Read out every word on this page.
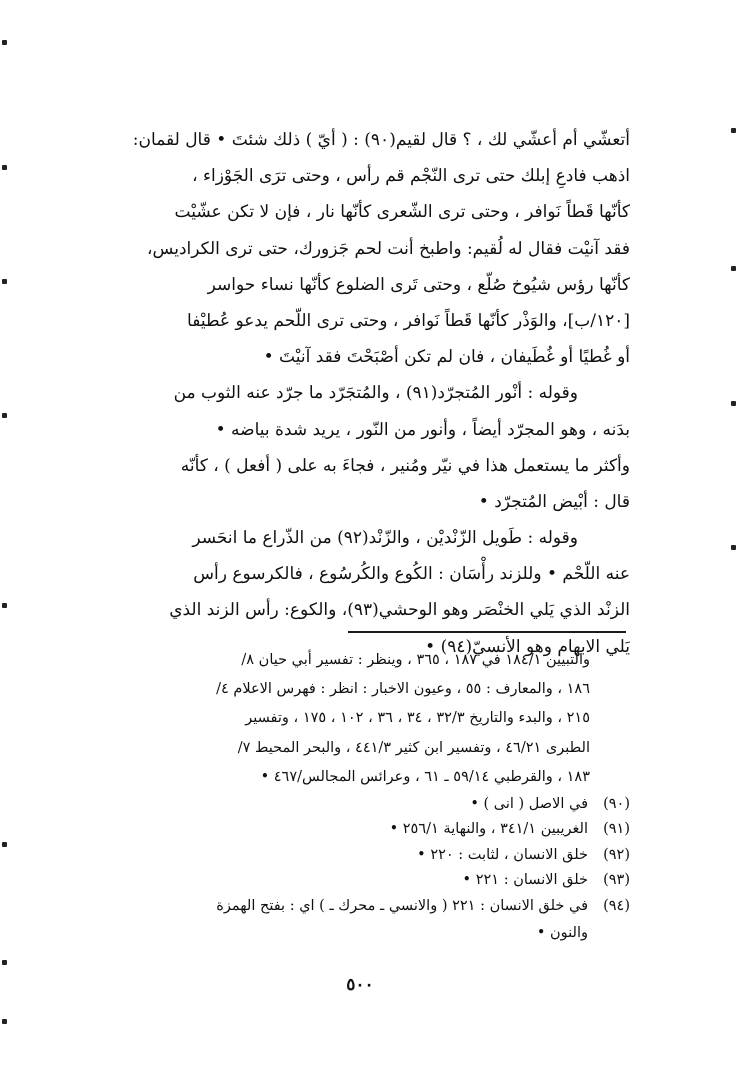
أتعشّي أم أعشّي لك ، ؟ قال لقيم(٩٠) : ( أيّ ) ذلك شئتَ • قال لقمان:
اذهب فادعِ إبلك حتى ترى النّجْم قم رأس ، وحتى ترَى الجَوْزاء ،
كأنّها قَطاً نَوافر ، وحتى ترى الشّعرى كأنّها نار ، فإن لا تكن عشّيْت
فقد آنيْت فقال له لُقيم: واطبخ أنت لحم جَزورك، حتى ترى الكراديس،
كأنّها رؤس شيُوخ صُلّع ، وحتى تَرى الضلوع كأنّها نساء حواسر
[١٢٠/ب]، والوَذْر كأنّها قَطاً نَوافر ، وحتى ترى اللّحم يدعو عُطيْفا
أو غُطيًا أو غُطَيفان ، فان لم تكن أصْبَحْتَ فقد آنيْتَ •
وقوله : أنْور المُتجرّد(٩١) ، والمُتجَرّد ما جرّد عنه الثوب من
بدَنه ، وهو المجرّد أيضاً ، وأنور من النّور ، يريد شدة بياضه •
وأكثر ما يستعمل هذا في نيّر ومُنير ، فجاءَ به على ( أفعل ) ، كأنّه
قال : أبْيض المُتجرّد •
وقوله : طَويل الزّنْديْن ، والزّنْد(٩٢) من الذّراع ما انحَسر
عنه اللّحْم • وللزند رأْسَان : الكُوع والكُرسُوع ، فالكرسوع رأس
الزنْد الذي يَلي الخنْصَر وهو الوحشي(٩٣)، والكوع: رأس الزند الذي
يَلي الابهام وهو الأنسيّ(٩٤) •
والتبيين ١٨٤/١ في ١٨٧ ، ٣٦٥ ، وينظر : تفسير أبي حيان ٨/
١٨٦ ، والمعارف : ٥٥ ، وعيون الاخبار : انظر : فهرس الاعلام ٤/
٢١٥ ، والبدء والتاريخ ٣٢/٣ ، ٣٤ ، ٣٦ ، ١٠٢ ، ١٧٥ ، وتفسير
الطبرى ٤٦/٢١ ، وتفسير ابن كثير ٤٤١/٣ ، والبحر المحيط ٧/
١٨٣ ، والقرطبي ٥٩/١٤ ـ ٦١ ، وعرائس المجالس/٤٦٧ •
(٩٠)
في الاصل ( انى ) •
(٩١)
الغريبين ٣٤١/١ ، والنهاية ٢٥٦/١ •
(٩٢)
خلق الانسان ، لثابت : ٢٢٠ •
(٩٣)
خلق الانسان : ٢٢١ •
(٩٤)
في خلق الانسان : ٢٢١ ( والانسي ـ محرك ـ ) اي : بفتح الهمزة
والنون •
٥٠٠
